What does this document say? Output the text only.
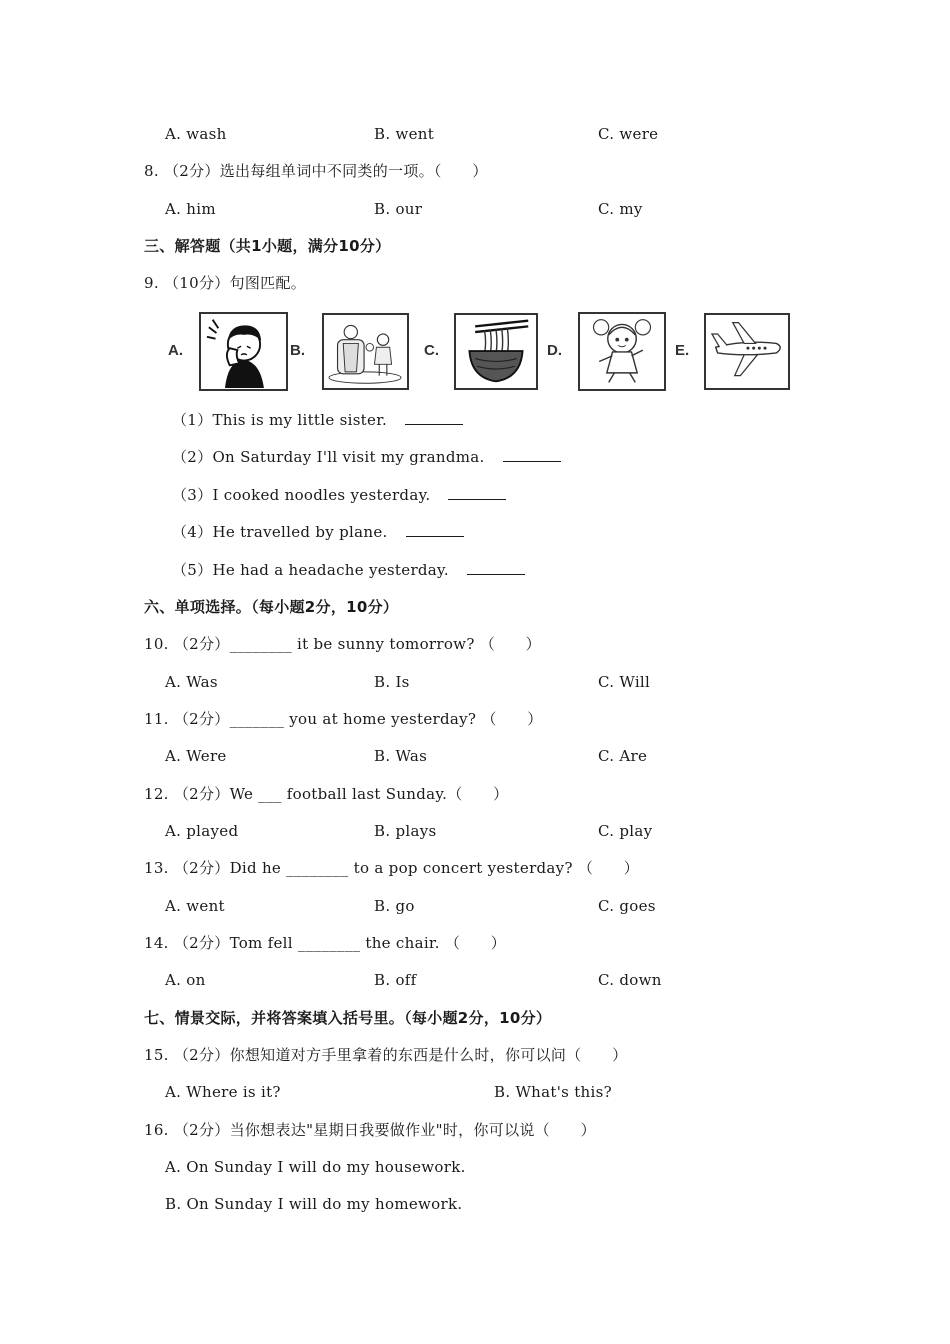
A. wash	B. went	C. were
8. （2分）选出每组单词中不同类的一项。（　　）
A. him	B. our	C. my
三、解答题（共1小题，满分10分）
9. （10分）句图匹配。
A.	B.	C.	D.	E.
（1）This is my little sister.
（2）On Saturday I'll visit my grandma.
（3）I cooked noodles yesterday.
（4）He travelled by plane.
（5）He had a headache yesterday.
六、单项选择。（每小题2分，10分）
10. （2分）________ it be sunny tomorrow? （　　）
A. Was	B. Is	C. Will
11. （2分）_______ you at home yesterday? （　　）
A. Were	B. Was	C. Are
12. （2分）We ___ football last Sunday.（　　）
A. played	B. plays	C. play
13. （2分）Did he ________ to a pop concert yesterday? （　　）
A. went	B. go	C. goes
14. （2分）Tom fell ________ the chair. （　　）
A. on	B. off	C. down
七、情景交际，并将答案填入括号里。（每小题2分，10分）
15. （2分）你想知道对方手里拿着的东西是什么时，你可以问（　　）
A. Where is it?	B. What's this?
16. （2分）当你想表达"星期日我要做作业"时，你可以说（　　）
A. On Sunday I will do my housework.
B. On Sunday I will do my homework.
